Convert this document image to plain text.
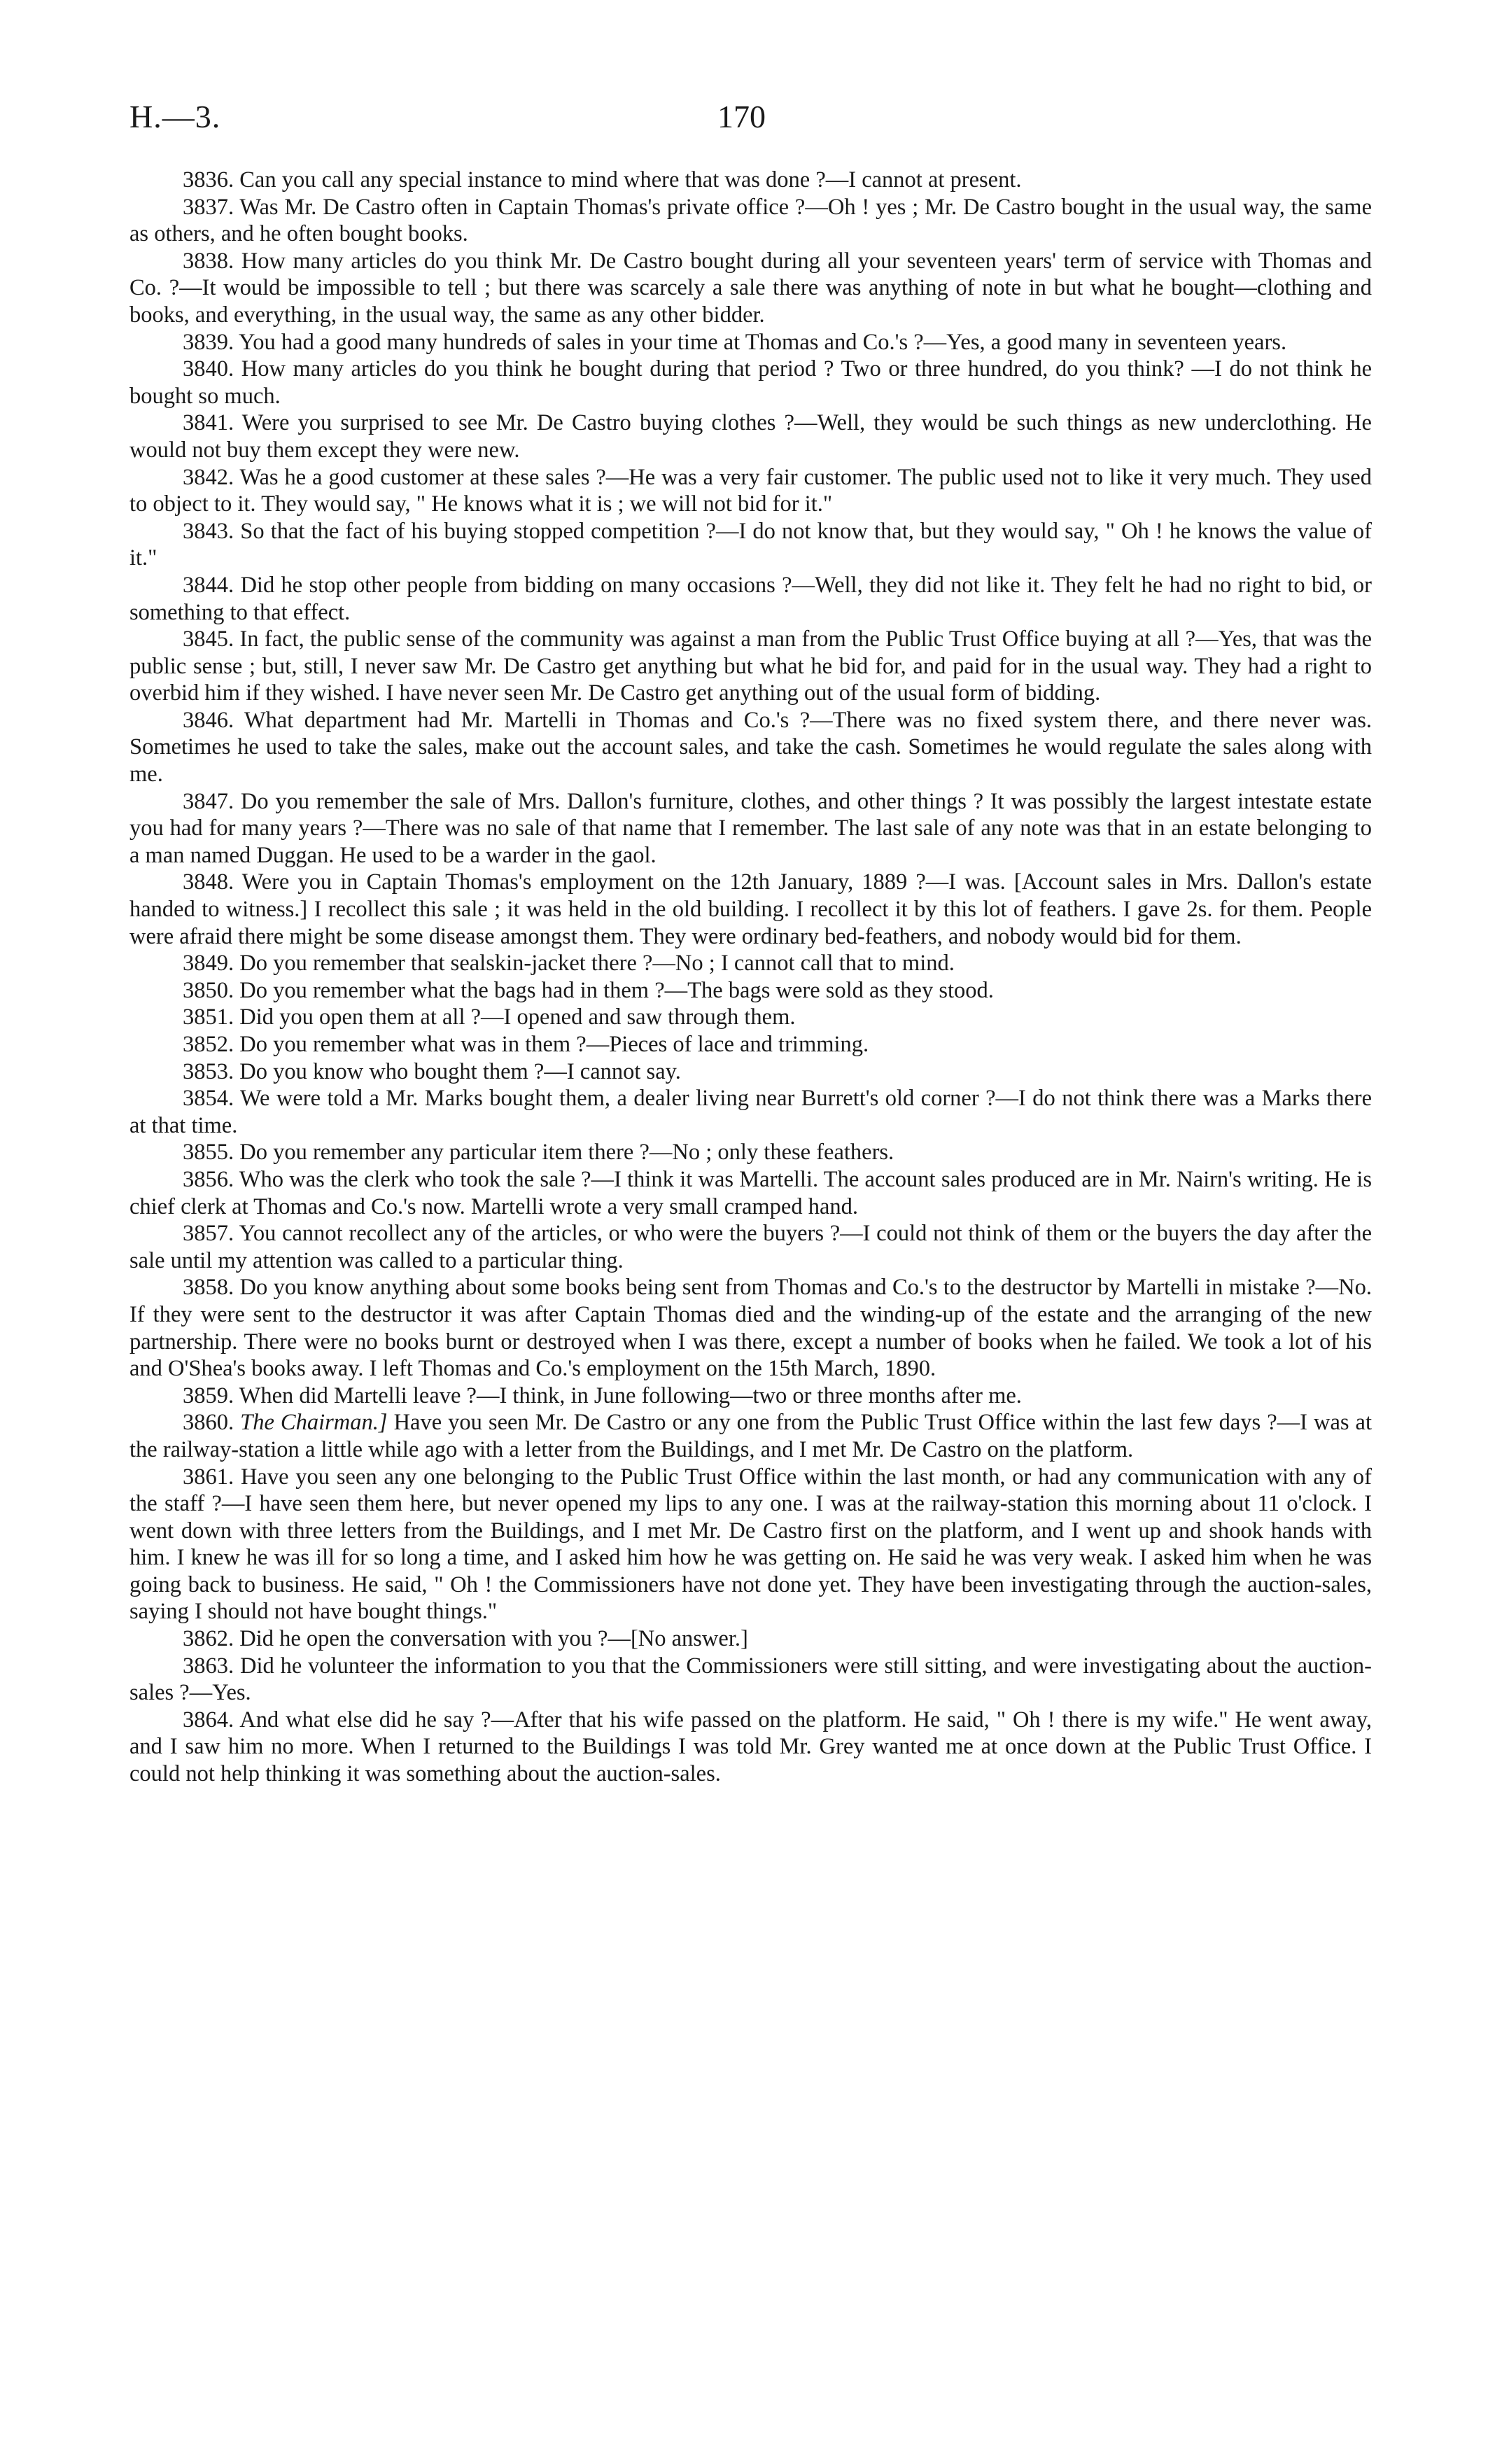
H.—3.	170

3836. Can you call any special instance to mind where that was done ?—I cannot at present.

3837. Was Mr. De Castro often in Captain Thomas's private office ?—Oh ! yes ; Mr. De Castro bought in the usual way, the same as others, and he often bought books.

3838. How many articles do you think Mr. De Castro bought during all your seventeen years' term of service with Thomas and Co. ?—It would be impossible to tell ; but there was scarcely a sale there was anything of note in but what he bought—clothing and books, and everything, in the usual way, the same as any other bidder.

3839. You had a good many hundreds of sales in your time at Thomas and Co.'s ?—Yes, a good many in seventeen years.

3840. How many articles do you think he bought during that period ? Two or three hundred, do you think? —I do not think he bought so much.

3841. Were you surprised to see Mr. De Castro buying clothes ?—Well, they would be such things as new underclothing. He would not buy them except they were new.

3842. Was he a good customer at these sales ?—He was a very fair customer. The public used not to like it very much. They used to object to it. They would say, " He knows what it is ; we will not bid for it."

3843. So that the fact of his buying stopped competition ?—I do not know that, but they would say, " Oh ! he knows the value of it."

3844. Did he stop other people from bidding on many occasions ?—Well, they did not like it. They felt he had no right to bid, or something to that effect.

3845. In fact, the public sense of the community was against a man from the Public Trust Office buying at all ?—Yes, that was the public sense ; but, still, I never saw Mr. De Castro get anything but what he bid for, and paid for in the usual way. They had a right to overbid him if they wished. I have never seen Mr. De Castro get anything out of the usual form of bidding.

3846. What department had Mr. Martelli in Thomas and Co.'s ?—There was no fixed system there, and there never was. Sometimes he used to take the sales, make out the account sales, and take the cash. Sometimes he would regulate the sales along with me.

3847. Do you remember the sale of Mrs. Dallon's furniture, clothes, and other things ? It was possibly the largest intestate estate you had for many years ?—There was no sale of that name that I remember. The last sale of any note was that in an estate belonging to a man named Duggan. He used to be a warder in the gaol.

3848. Were you in Captain Thomas's employment on the 12th January, 1889 ?—I was. [Account sales in Mrs. Dallon's estate handed to witness.] I recollect this sale ; it was held in the old building. I recollect it by this lot of feathers. I gave 2s. for them. People were afraid there might be some disease amongst them. They were ordinary bed-feathers, and nobody would bid for them.

3849. Do you remember that sealskin-jacket there ?—No ; I cannot call that to mind.

3850. Do you remember what the bags had in them ?—The bags were sold as they stood.

3851. Did you open them at all ?—I opened and saw through them.

3852. Do you remember what was in them ?—Pieces of lace and trimming.

3853. Do you know who bought them ?—I cannot say.

3854. We were told a Mr. Marks bought them, a dealer living near Burrett's old corner ?—I do not think there was a Marks there at that time.

3855. Do you remember any particular item there ?—No ; only these feathers.

3856. Who was the clerk who took the sale ?—I think it was Martelli. The account sales produced are in Mr. Nairn's writing. He is chief clerk at Thomas and Co.'s now. Martelli wrote a very small cramped hand.

3857. You cannot recollect any of the articles, or who were the buyers ?—I could not think of them or the buyers the day after the sale until my attention was called to a particular thing.

3858. Do you know anything about some books being sent from Thomas and Co.'s to the destructor by Martelli in mistake ?—No. If they were sent to the destructor it was after Captain Thomas died and the winding-up of the estate and the arranging of the new partnership. There were no books burnt or destroyed when I was there, except a number of books when he failed. We took a lot of his and O'Shea's books away. I left Thomas and Co.'s employment on the 15th March, 1890.

3859. When did Martelli leave ?—I think, in June following—two or three months after me.

3860. The Chairman.] Have you seen Mr. De Castro or any one from the Public Trust Office within the last few days ?—I was at the railway-station a little while ago with a letter from the Buildings, and I met Mr. De Castro on the platform.

3861. Have you seen any one belonging to the Public Trust Office within the last month, or had any communication with any of the staff ?—I have seen them here, but never opened my lips to any one. I was at the railway-station this morning about 11 o'clock. I went down with three letters from the Buildings, and I met Mr. De Castro first on the platform, and I went up and shook hands with him. I knew he was ill for so long a time, and I asked him how he was getting on. He said he was very weak. I asked him when he was going back to business. He said, " Oh ! the Commissioners have not done yet. They have been investigating through the auction-sales, saying I should not have bought things."

3862. Did he open the conversation with you ?—[No answer.]

3863. Did he volunteer the information to you that the Commissioners were still sitting, and were investigating about the auction-sales ?—Yes.

3864. And what else did he say ?—After that his wife passed on the platform. He said, " Oh ! there is my wife." He went away, and I saw him no more. When I returned to the Buildings I was told Mr. Grey wanted me at once down at the Public Trust Office. I could not help thinking it was something about the auction-sales.
